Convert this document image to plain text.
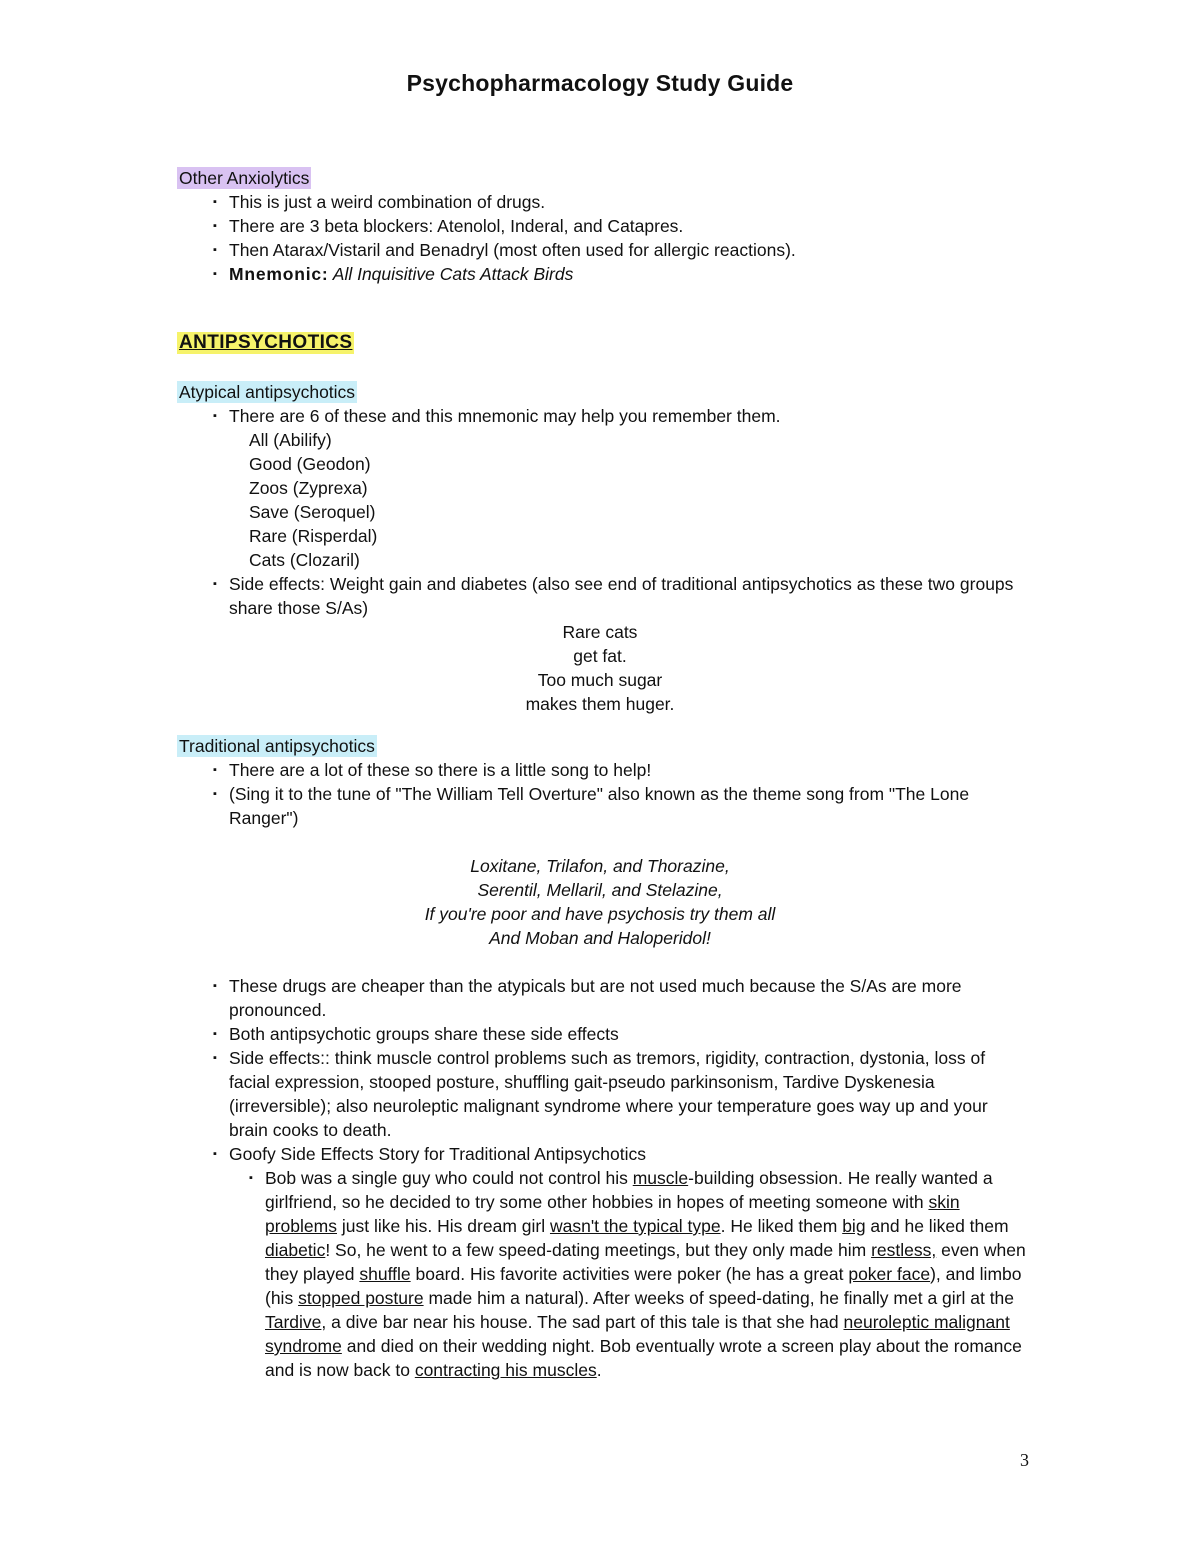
Psychopharmacology Study Guide
Other Anxiolytics
▪ This is just a weird combination of drugs.
▪ There are 3 beta blockers: Atenolol, Inderal, and Catapres.
▪ Then Atarax/Vistaril and Benadryl (most often used for allergic reactions).
▪ Mnemonic: All Inquisitive Cats Attack Birds
ANTIPSYCHOTICS
Atypical antipsychotics
▪ There are 6 of these and this mnemonic may help you remember them.
All (Abilify)
Good (Geodon)
Zoos (Zyprexa)
Save (Seroquel)
Rare (Risperdal)
Cats (Clozaril)
▪ Side effects: Weight gain and diabetes (also see end of traditional antipsychotics as these two groups share those S/As)
Rare cats
get fat.
Too much sugar
makes them huger.
Traditional antipsychotics
▪ There are a lot of these so there is a little song to help!
▪ (Sing it to the tune of "The William Tell Overture" also known as the theme song from "The Lone Ranger")
Loxitane, Trilafon, and Thorazine,
Serentil, Mellaril, and Stelazine,
If you're poor and have psychosis try them all
And Moban and Haloperidol!
▪ These drugs are cheaper than the atypicals but are not used much because the S/As are more pronounced.
▪ Both antipsychotic groups share these side effects
▪ Side effects:: think muscle control problems such as tremors, rigidity, contraction, dystonia, loss of facial expression, stooped posture, shuffling gait-pseudo parkinsonism, Tardive Dyskenesia (irreversible); also neuroleptic malignant syndrome where your temperature goes way up and your brain cooks to death.
▪ Goofy Side Effects Story for Traditional Antipsychotics
▪ Bob was a single guy who could not control his muscle-building obsession. He really wanted a girlfriend, so he decided to try some other hobbies in hopes of meeting someone with skin problems just like his. His dream girl wasn't the typical type. He liked them big and he liked them diabetic! So, he went to a few speed-dating meetings, but they only made him restless, even when they played shuffle board. His favorite activities were poker (he has a great poker face), and limbo (his stopped posture made him a natural). After weeks of speed-dating, he finally met a girl at the Tardive, a dive bar near his house. The sad part of this tale is that she had neuroleptic malignant syndrome and died on their wedding night. Bob eventually wrote a screen play about the romance and is now back to contracting his muscles.
3
